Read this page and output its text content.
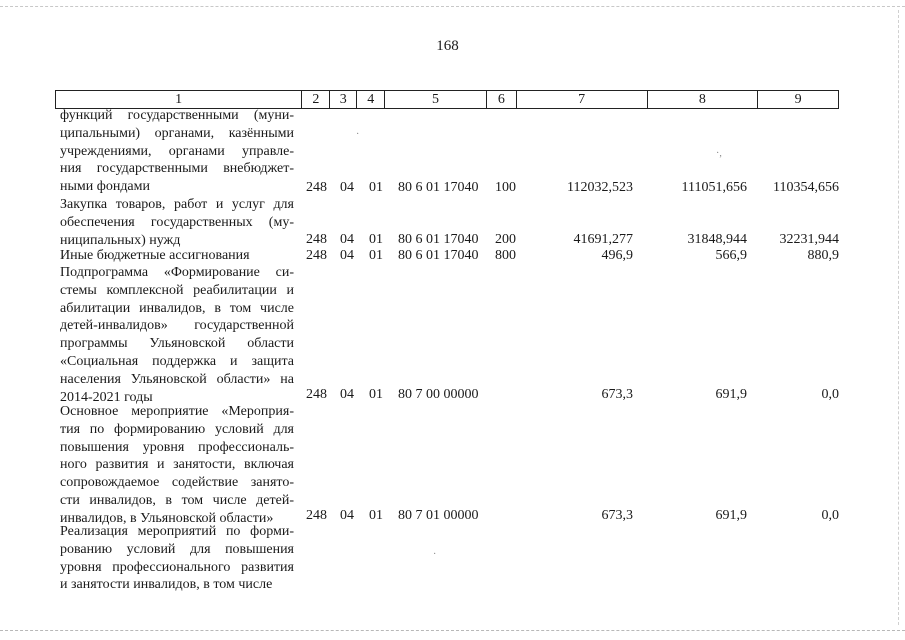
168
1	2	3	4	5	6	7	8	9
функций государственными (муни-
ципальными) органами, казёнными
учреждениями, органами управле-
ния государственными внебюджет-
ными фондами	248 04 01 80 6 01 17040 100	112032,523	111051,656 110354,656
Закупка товаров, работ и услуг для
обеспечения государственных (му-
ниципальных) нужд	248 04 01 80 6 01 17040 200	41691,277	31848,944 32231,944
Иные бюджетные ассигнования	248 04 01 80 6 01 17040 800	496,9	566,9	880,9
Подпрограмма «Формирование си-
стемы комплексной реабилитации и
абилитации инвалидов, в том числе
детей-инвалидов» государственной
программы Ульяновской области
«Социальная поддержка и защита
населения Ульяновской области» на
2014-2021 годы	248 04 01 80 7 00 00000	673,3	691,9	0,0
Основное мероприятие «Мероприя-
тия по формированию условий для
повышения уровня профессиональ-
ного развития и занятости, включая
сопровождаемое содействие занято-
сти инвалидов, в том числе детей-
инвалидов, в Ульяновской области»	248 04 01 80 7 01 00000	673,3	691,9	0,0
Реализация мероприятий по форми-
рованию условий для повышения
уровня профессионального развития
и занятости инвалидов, в том числе
·
·,
·
